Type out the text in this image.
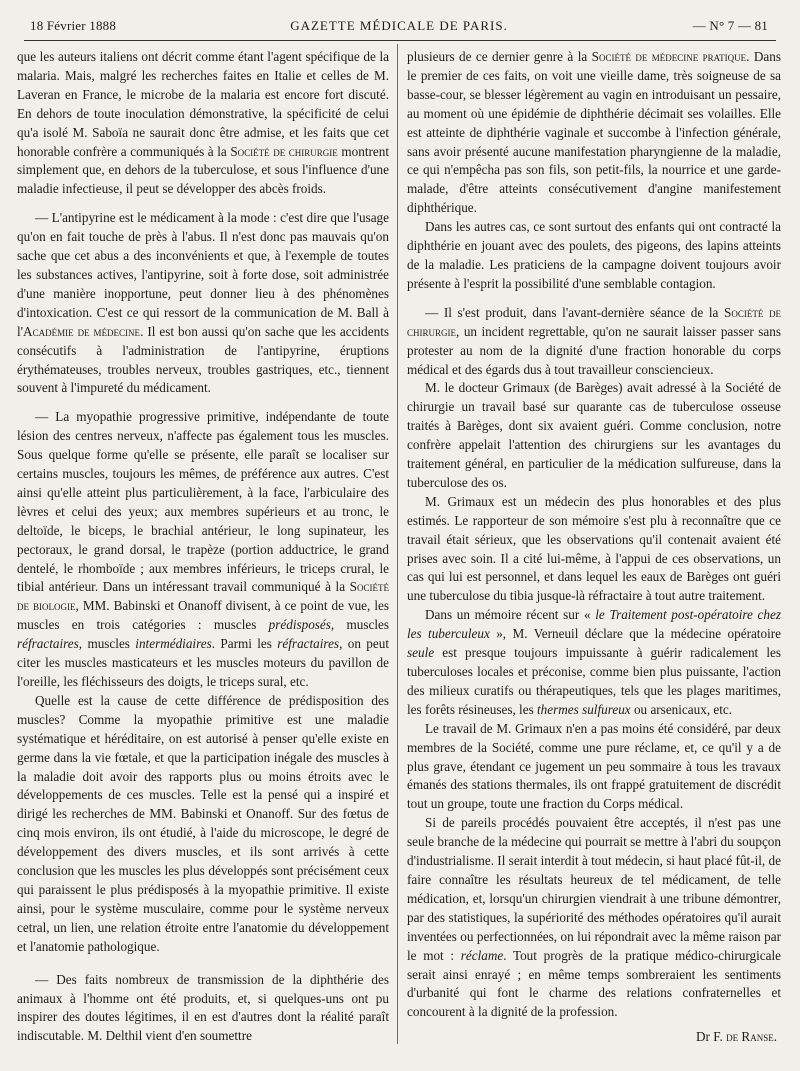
18 Février 1888	GAZETTE MÉDICALE DE PARIS.	— N° 7 — 81

que les auteurs italiens ont décrit comme étant l'agent spécifique de la malaria. Mais, malgré les recherches faites en Italie et celles de M. Laveran en France, le microbe de la malaria est encore fort discuté. En dehors de toute inoculation démonstrative, la spécificité de celui qu'a isolé M. Saboïa ne saurait donc être admise, et les faits que cet honorable confrère a communiqués à la Société de chirurgie montrent simplement que, en dehors de la tuberculose, et sous l'influence d'une maladie infectieuse, il peut se développer des abcès froids.

— L'antipyrine est le médicament à la mode : c'est dire que l'usage qu'on en fait touche de près à l'abus. Il n'est donc pas mauvais qu'on sache que cet abus a des inconvénients et que, à l'exemple de toutes les substances actives, l'antipyrine, soit à forte dose, soit administrée d'une manière inopportune, peut donner lieu à des phénomènes d'intoxication. C'est ce qui ressort de la communication de M. Ball à l'Académie de médecine. Il est bon aussi qu'on sache que les accidents consécutifs à l'administration de l'antipyrine, éruptions érythémateuses, troubles nerveux, troubles gastriques, etc., tiennent souvent à l'impureté du médicament.

— La myopathie progressive primitive, indépendante de toute lésion des centres nerveux, n'affecte pas également tous les muscles. Sous quelque forme qu'elle se présente, elle paraît se localiser sur certains muscles, toujours les mêmes, de préférence aux autres. C'est ainsi qu'elle atteint plus particulièrement, à la face, l'arbiculaire des lèvres et celui des yeux; aux membres supérieurs et au tronc, le deltoïde, le biceps, le brachial antérieur, le long supinateur, les pectoraux, le grand dorsal, le trapèze (portion adductrice, le grand dentelé, le rhomboïde ; aux membres inférieurs, le triceps crural, le tibial antérieur. Dans un intéressant travail communiqué à la Société de biologie, MM. Babinski et Onanoff divisent, à ce point de vue, les muscles en trois catégories : muscles prédisposés, muscles réfractaires, muscles intermédiaires. Parmi les réfractaires, on peut citer les muscles masticateurs et les muscles moteurs du pavillon de l'oreille, les fléchisseurs des doigts, le triceps sural, etc.

Quelle est la cause de cette différence de prédisposition des muscles? Comme la myopathie primitive est une maladie systématique et héréditaire, on est autorisé à penser qu'elle existe en germe dans la vie fœtale, et que la participation inégale des muscles à la maladie doit avoir des rapports plus ou moins étroits avec le développements de ces muscles. Telle est la pensé qui a inspiré et dirigé les recherches de MM. Babinski et Onanoff. Sur des fœtus de cinq mois environ, ils ont étudié, à l'aide du microscope, le degré de développement des divers muscles, et ils sont arrivés à cette conclusion que les muscles les plus développés sont précisément ceux qui paraissent le plus prédisposés à la myopathie primitive. Il existe ainsi, pour le système musculaire, comme pour le système nerveux cetral, un lien, une relation étroite entre l'anatomie du développement et l'anatomie pathologique.

— Des faits nombreux de transmission de la diphthérie des animaux à l'homme ont été produits, et, si quelques-uns ont pu inspirer des doutes légitimes, il en est d'autres dont la réalité paraît indiscutable. M. Delthil vient d'en soumettre

plusieurs de ce dernier genre à la Société de médecine pratique. Dans le premier de ces faits, on voit une vieille dame, très soigneuse de sa basse-cour, se blesser légèrement au vagin en introduisant un pessaire, au moment où une épidémie de diphthérie décimait ses volailles. Elle est atteinte de diphthérie vaginale et succombe à l'infection générale, sans avoir présenté aucune manifestation pharyngienne de la maladie, ce qui n'empêcha pas son fils, son petit-fils, la nourrice et une garde-malade, d'être atteints consécutivement d'angine manifestement diphthérique.

Dans les autres cas, ce sont surtout des enfants qui ont contracté la diphthérie en jouant avec des poulets, des pigeons, des lapins atteints de la maladie. Les praticiens de la campagne doivent toujours avoir présente à l'esprit la possibilité d'une semblable contagion.

— Il s'est produit, dans l'avant-dernière séance de la Société de chirurgie, un incident regrettable, qu'on ne saurait laisser passer sans protester au nom de la dignité d'une fraction honorable du corps médical et des égards dus à tout travailleur consciencieux.

M. le docteur Grimaux (de Barèges) avait adressé à la Société de chirurgie un travail basé sur quarante cas de tuberculose osseuse traités à Barèges, dont six avaient guéri. Comme conclusion, notre confrère appelait l'attention des chirurgiens sur les avantages du traitement général, en particulier de la médication sulfureuse, dans la tuberculose des os.

M. Grimaux est un médecin des plus honorables et des plus estimés. Le rapporteur de son mémoire s'est plu à reconnaître que ce travail était sérieux, que les observations qu'il contenait avaient été prises avec soin. Il a cité lui-même, à l'appui de ces observations, un cas qui lui est personnel, et dans lequel les eaux de Barèges ont guéri une tuberculose du tibia jusque-là réfractaire à tout autre traitement.

Dans un mémoire récent sur « le Traitement post-opératoire chez les tuberculeux », M. Verneuil déclare que la médecine opératoire seule est presque toujours impuissante à guérir radicalement les tuberculoses locales et préconise, comme bien plus puissante, l'action des milieux curatifs ou thérapeutiques, tels que les plages maritimes, les forêts résineuses, les thermes sulfureux ou arsenicaux, etc.

Le travail de M. Grimaux n'en a pas moins été considéré, par deux membres de la Société, comme une pure réclame, et, ce qu'il y a de plus grave, étendant ce jugement un peu sommaire à tous les travaux émanés des stations thermales, ils ont frappé gratuitement de discrédit tout un groupe, toute une fraction du Corps médical.

Si de pareils procédés pouvaient être acceptés, il n'est pas une seule branche de la médecine qui pourrait se mettre à l'abri du soupçon d'industrialisme. Il serait interdit à tout médecin, si haut placé fût-il, de faire connaître les résultats heureux de tel médicament, de telle médication, et, lorsqu'un chirurgien viendrait à une tribune démontrer, par des statistiques, la supériorité des méthodes opératoires qu'il aurait inventées ou perfectionnées, on lui répondrait avec la même raison par le mot : réclame. Tout progrès de la pratique médico-chirurgicale serait ainsi enrayé ; en même temps sombreraient les sentiments d'urbanité qui font le charme des relations confraternelles et concourent à la dignité de la profession.

Dr F. de Ranse.
